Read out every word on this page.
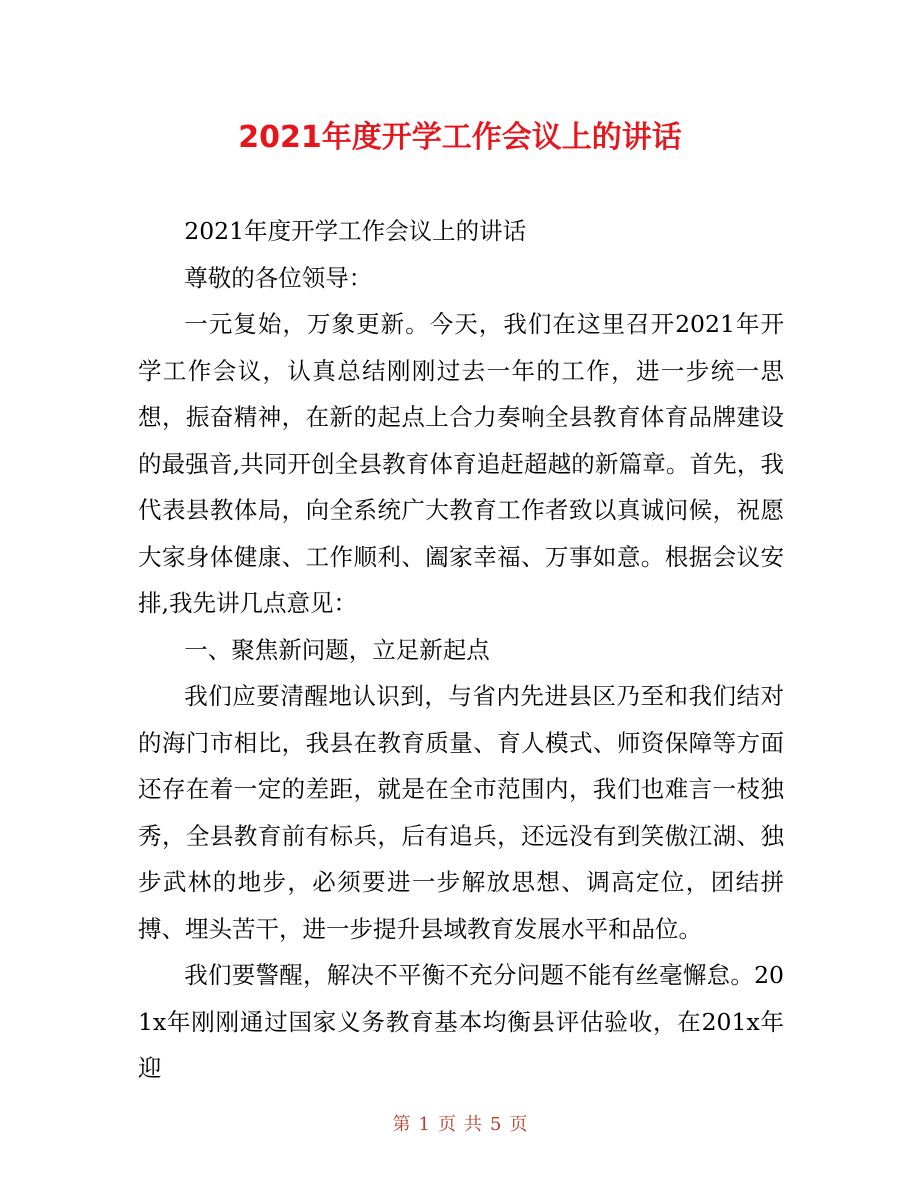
2021年度开学工作会议上的讲话

2021年度开学工作会议上的讲话

尊敬的各位领导：

一元复始，万象更新。今天，我们在这里召开2021年开学工作会议，认真总结刚刚过去一年的工作，进一步统一思想，振奋精神，在新的起点上合力奏响全县教育体育品牌建设的最强音,共同开创全县教育体育追赶超越的新篇章。首先，我代表县教体局，向全系统广大教育工作者致以真诚问候，祝愿大家身体健康、工作顺利、阖家幸福、万事如意。根据会议安排,我先讲几点意见：

一、聚焦新问题，立足新起点

我们应要清醒地认识到，与省内先进县区乃至和我们结对的海门市相比，我县在教育质量、育人模式、师资保障等方面还存在着一定的差距，就是在全市范围内，我们也难言一枝独秀，全县教育前有标兵，后有追兵，还远没有到笑傲江湖、独步武林的地步，必须要进一步解放思想、调高定位，团结拼搏、埋头苦干，进一步提升县域教育发展水平和品位。

我们要警醒，解决不平衡不充分问题不能有丝毫懈怠。201x年刚刚通过国家义务教育基本均衡县评估验收，在201x年迎

第 1 页 共 5 页
